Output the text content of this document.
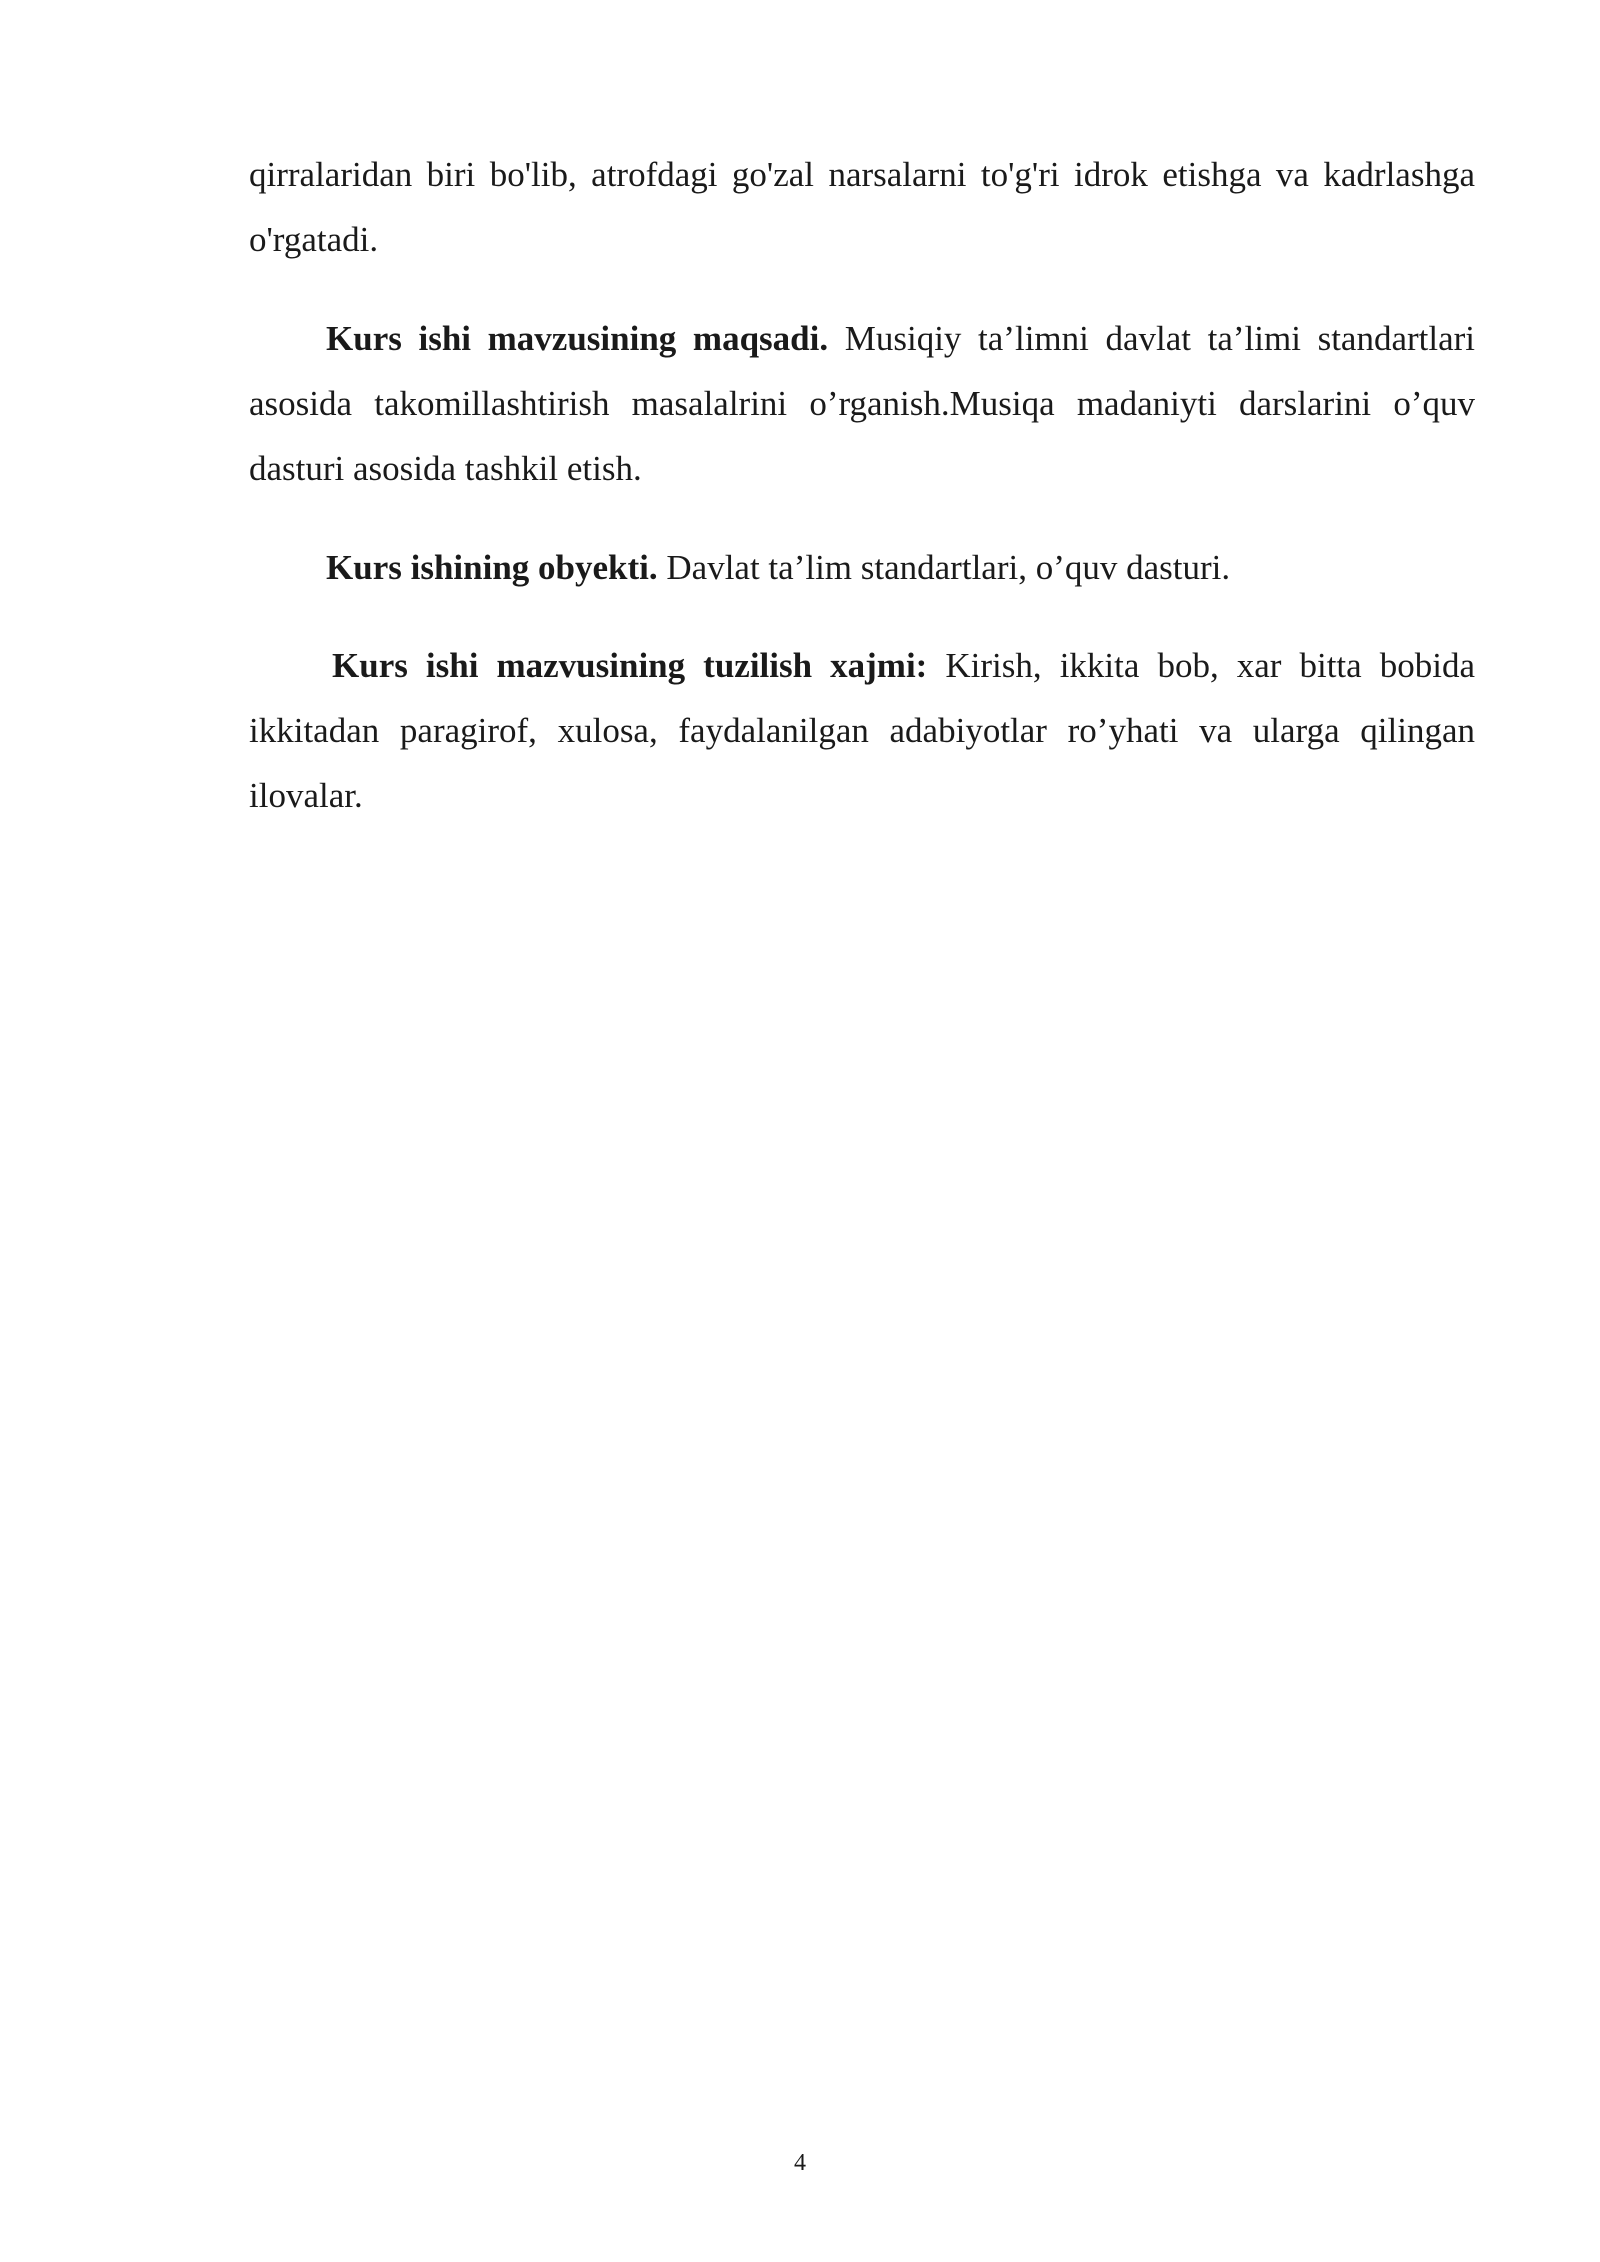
qirralaridan biri bo'lib, atrofdagi go'zal narsalarni to'g'ri idrok etishga va kadrlashga o'rgatadi.

Kurs ishi mavzusining maqsadi. Musiqiy ta’limni davlat ta’limi standartlari asosida takomillashtirish masalalrini o’rganish.Musiqa madaniyti darslarini o’quv dasturi asosida tashkil etish.

Kurs ishining obyekti. Davlat ta’lim standartlari, o’quv dasturi.

Kurs ishi mazvusining tuzilish xajmi: Kirish, ikkita bob, xar bitta bobida ikkitadan paragirof, xulosa, faydalanilgan adabiyotlar ro’yhati va ularga qilingan ilovalar.

4
